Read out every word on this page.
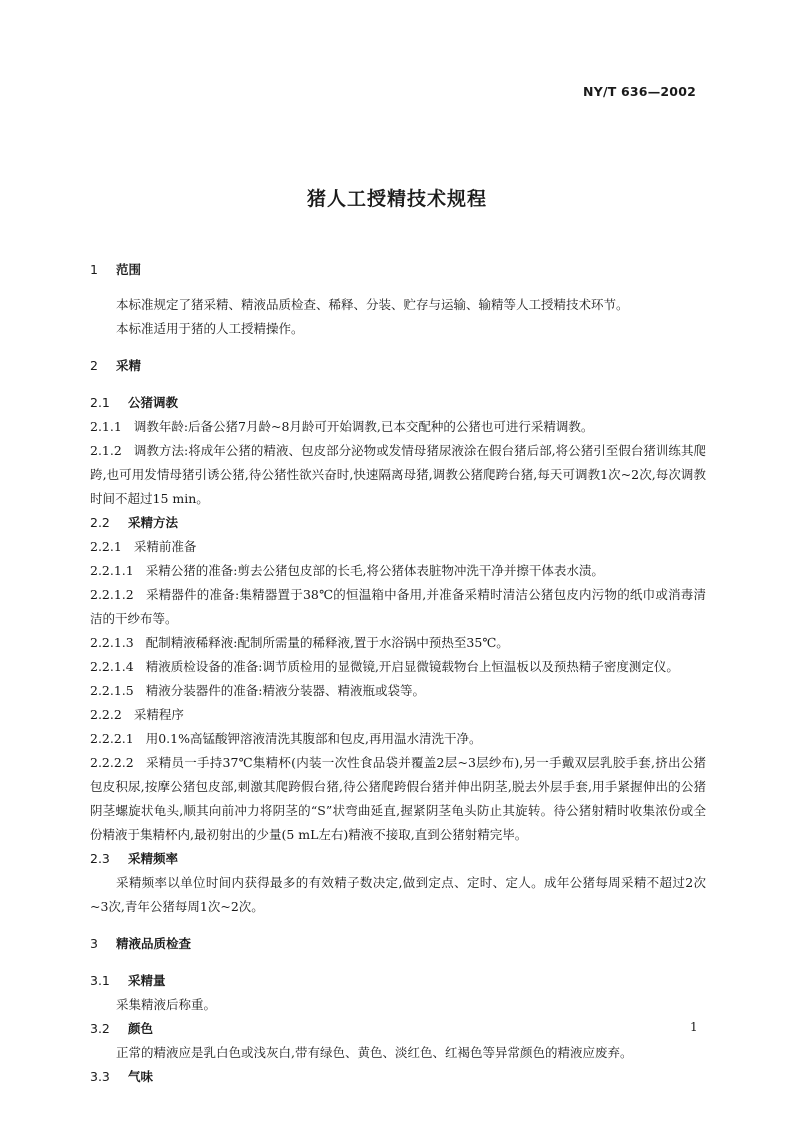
NY/T 636—2002
猪人工授精技术规程
1 范围
本标准规定了猪采精、精液品质检查、稀释、分装、贮存与运输、输精等人工授精技术环节。
本标准适用于猪的人工授精操作。
2 采精
2.1 公猪调教
2.1.1 调教年龄:后备公猪7月龄~8月龄可开始调教,已本交配种的公猪也可进行采精调教。
2.1.2 调教方法:将成年公猪的精液、包皮部分泌物或发情母猪尿液涂在假台猪后部,将公猪引至假台猪训练其爬跨,也可用发情母猪引诱公猪,待公猪性欲兴奋时,快速隔离母猪,调教公猪爬跨台猪,每天可调教1次~2次,每次调教时间不超过15 min。
2.2 采精方法
2.2.1 采精前准备
2.2.1.1 采精公猪的准备:剪去公猪包皮部的长毛,将公猪体表脏物冲洗干净并擦干体表水渍。
2.2.1.2 采精器件的准备:集精器置于38℃的恒温箱中备用,并准备采精时清洁公猪包皮内污物的纸巾或消毒清洁的干纱布等。
2.2.1.3 配制精液稀释液:配制所需量的稀释液,置于水浴锅中预热至35℃。
2.2.1.4 精液质检设备的准备:调节质检用的显微镜,开启显微镜载物台上恒温板以及预热精子密度测定仪。
2.2.1.5 精液分装器件的准备:精液分装器、精液瓶或袋等。
2.2.2 采精程序
2.2.2.1 用0.1%高锰酸钾溶液清洗其腹部和包皮,再用温水清洗干净。
2.2.2.2 采精员一手持37℃集精杯(内装一次性食品袋并覆盖2层~3层纱布),另一手戴双层乳胶手套,挤出公猪包皮积尿,按摩公猪包皮部,刺激其爬跨假台猪,待公猪爬跨假台猪并伸出阴茎,脱去外层手套,用手紧握伸出的公猪阴茎螺旋状龟头,顺其向前冲力将阴茎的“S”状弯曲延直,握紧阴茎龟头防止其旋转。待公猪射精时收集浓份或全份精液于集精杯内,最初射出的少量(5 mL左右)精液不接取,直到公猪射精完毕。
2.3 采精频率
采精频率以单位时间内获得最多的有效精子数决定,做到定点、定时、定人。成年公猪每周采精不超过2次~3次,青年公猪每周1次~2次。
3 精液品质检查
3.1 采精量
采集精液后称重。
3.2 颜色
正常的精液应是乳白色或浅灰白,带有绿色、黄色、淡红色、红褐色等异常颜色的精液应废弃。
3.3 气味
1
